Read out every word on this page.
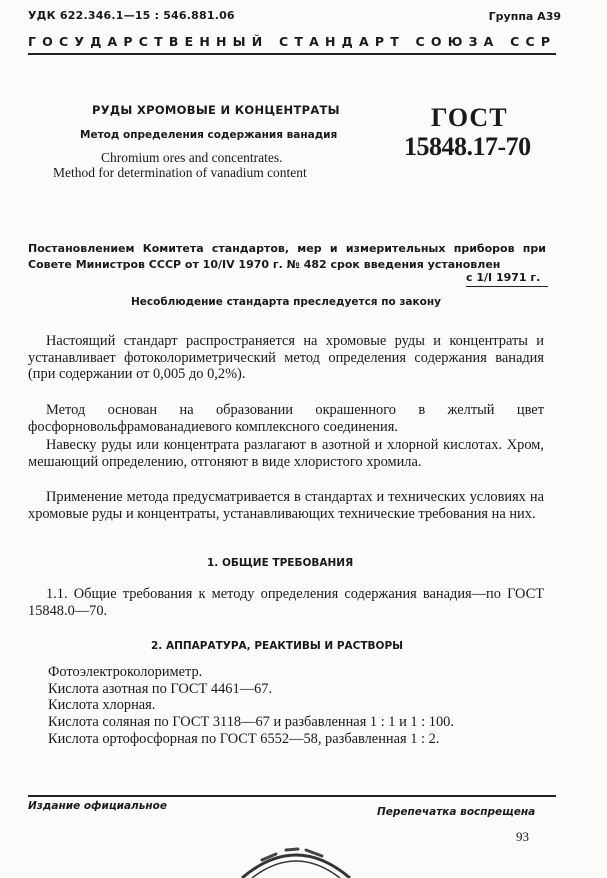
УДК 622.346.1—15 : 546.881.06	Группа А39
ГОСУДАРСТВЕННЫЙ СТАНДАРТ СОЮЗА ССР
РУДЫ ХРОМОВЫЕ И КОНЦЕНТРАТЫ
Метод определения содержания ванадия
Chromium ores and concentrates.
Method for determination of vanadium content
ГОСТ
15848.17-70
Постановлением Комитета стандартов, мер и измерительных приборов при Совете Министров СССР от 10/IV 1970 г. № 482 срок введения установлен
с 1/I 1971 г.
Несоблюдение стандарта преследуется по закону
Настоящий стандарт распространяется на хромовые руды и концентраты и устанавливает фотоколориметрический метод определения содержания ванадия (при содержании от 0,005 до 0,2%).
Метод основан на образовании окрашенного в желтый цвет фосфорновольфрамованадиевого комплексного соединения.
Навеску руды или концентрата разлагают в азотной и хлорной кислотах. Хром, мешающий определению, отгоняют в виде хлористого хромила.
Применение метода предусматривается в стандартах и технических условиях на хромовые руды и концентраты, устанавливающих технические требования на них.
1. ОБЩИЕ ТРЕБОВАНИЯ
1.1. Общие требования к методу определения содержания ванадия—по ГОСТ 15848.0—70.
2. АППАРАТУРА, РЕАКТИВЫ И РАСТВОРЫ
Фотоэлектроколориметр.
Кислота азотная по ГОСТ 4461—67.
Кислота хлорная.
Кислота соляная по ГОСТ 3118—67 и разбавленная 1 : 1 и 1 : 100.
Кислота ортофосфорная по ГОСТ 6552—58, разбавленная 1 : 2.
Издание официальное	Перепечатка воспрещена
93
